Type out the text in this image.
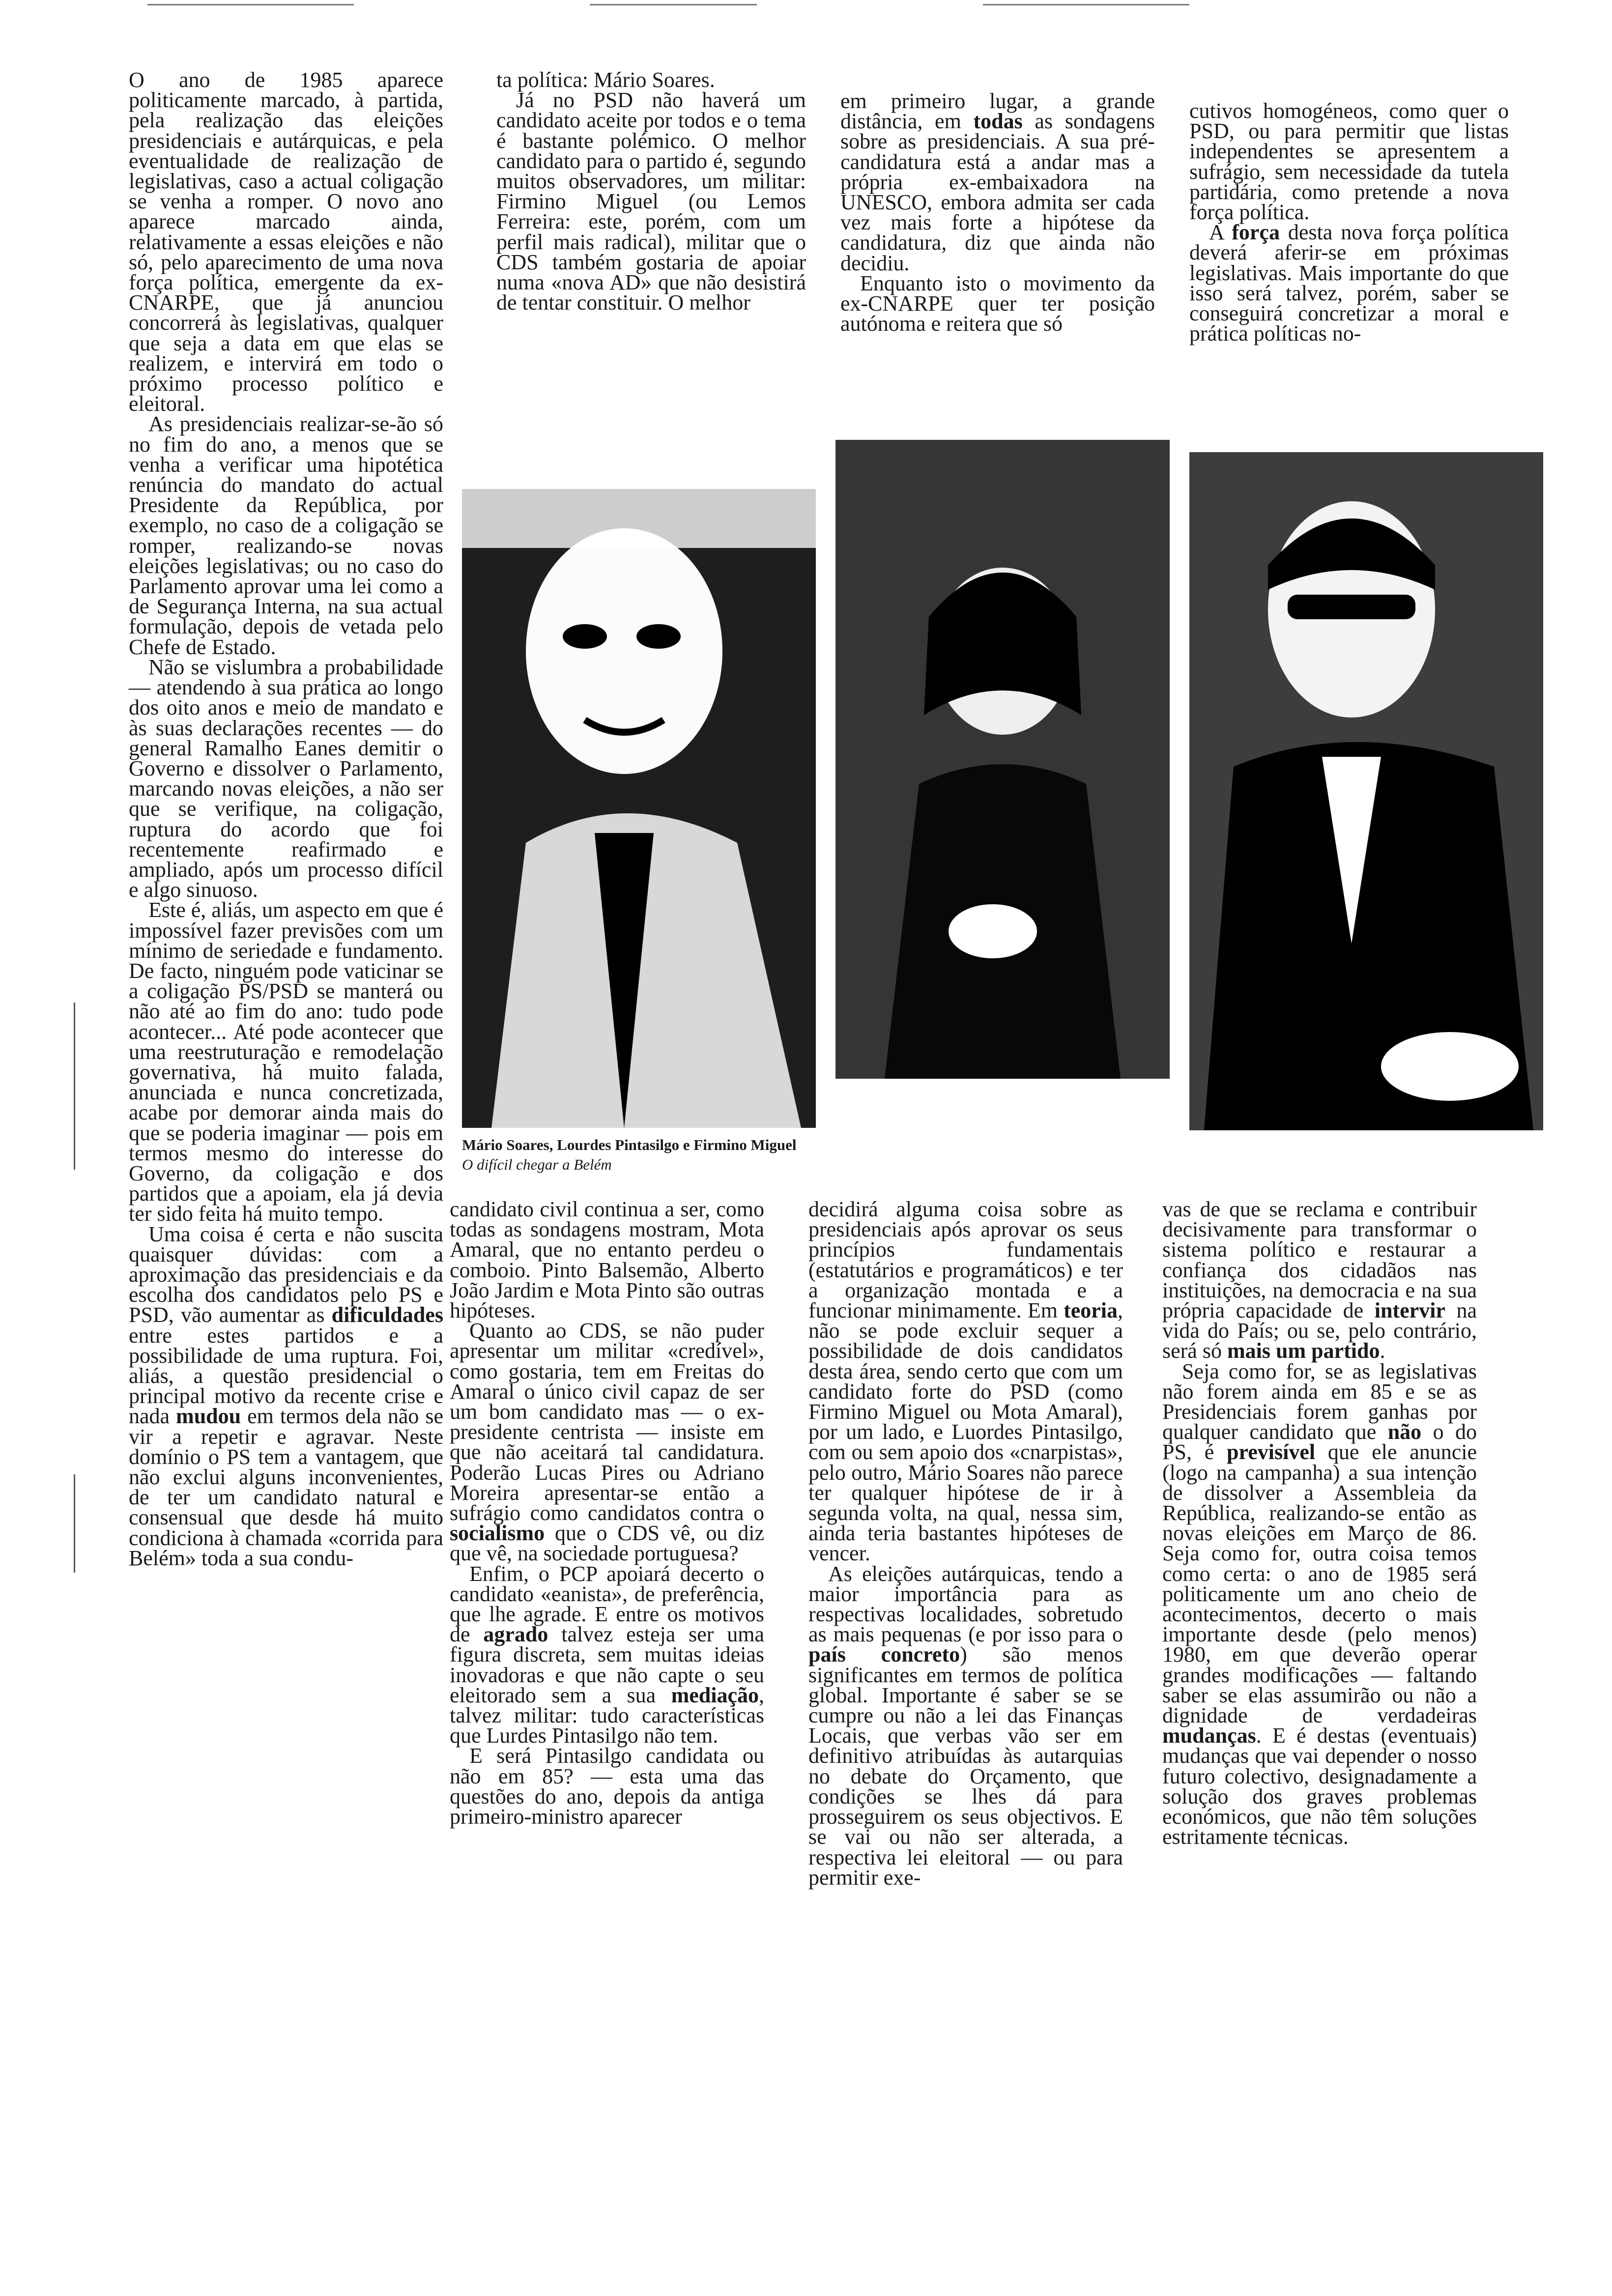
O ano de 1985 aparece politicamente marcado, à partida, pela realização das eleições presidenciais e autárquicas, e pela eventualidade de realização de legislativas, caso a actual coligação se venha a romper. O novo ano aparece marcado ainda, relativamente a essas eleições e não só, pelo aparecimento de uma nova força política, emergente da ex-CNARPE, que já anunciou concorrerá às legislativas, qualquer que seja a data em que elas se realizem, e intervirá em todo o próximo processo político e eleitoral.

As presidenciais realizar-se-ão só no fim do ano, a menos que se venha a verificar uma hipotética renúncia do mandato do actual Presidente da República, por exemplo, no caso de a coligação se romper, realizando-se novas eleições legislativas; ou no caso do Parlamento aprovar uma lei como a de Segurança Interna, na sua actual formulação, depois de vetada pelo Chefe de Estado.

Não se vislumbra a probabilidade — atendendo à sua prática ao longo dos oito anos e meio de mandato e às suas declarações recentes — do general Ramalho Eanes demitir o Governo e dissolver o Parlamento, marcando novas eleições, a não ser que se verifique, na coligação, ruptura do acordo que foi recentemente reafirmado e ampliado, após um processo difícil e algo sinuoso.

Este é, aliás, um aspecto em que é impossível fazer previsões com um mínimo de seriedade e fundamento. De facto, ninguém pode vaticinar se a coligação PS/PSD se manterá ou não até ao fim do ano: tudo pode acontecer... Até pode acontecer que uma reestruturação e remodelação governativa, há muito falada, anunciada e nunca concretizada, acabe por demorar ainda mais do que se poderia imaginar — pois em termos mesmo do interesse do Governo, da coligação e dos partidos que a apoiam, ela já devia ter sido feita há muito tempo.

Uma coisa é certa e não suscita quaisquer dúvidas: com a aproximação das presidenciais e da escolha dos candidatos pelo PS e PSD, vão aumentar as dificuldades entre estes partidos e a possibilidade de uma ruptura. Foi, aliás, a questão presidencial o principal motivo da recente crise e nada mudou em termos dela não se vir a repetir e agravar. Neste domínio o PS tem a vantagem, que não exclui alguns inconvenientes, de ter um candidato natural e consensual que desde há muito condiciona à chamada «corrida para Belém» toda a sua condu-

ta política: Mário Soares.

Já no PSD não haverá um candidato aceite por todos e o tema é bastante polémico. O melhor candidato para o partido é, segundo muitos observadores, um militar: Firmino Miguel (ou Lemos Ferreira: este, porém, com um perfil mais radical), militar que o CDS também gostaria de apoiar numa «nova AD» que não desistirá de tentar constituir. O melhor

em primeiro lugar, a grande distância, em todas as sondagens sobre as presidenciais. A sua pré-candidatura está a andar mas a própria ex-embaixadora na UNESCO, embora admita ser cada vez mais forte a hipótese da candidatura, diz que ainda não decidiu.

Enquanto isto o movimento da ex-CNARPE quer ter posição autónoma e reitera que só

cutivos homogéneos, como quer o PSD, ou para permitir que listas independentes se apresentem a sufrágio, sem necessidade da tutela partidária, como pretende a nova força política.

A força desta nova força política deverá aferir-se em próximas legislativas. Mais importante do que isso será talvez, porém, saber se conseguirá concretizar a moral e prática políticas no-

Mário Soares, Lourdes Pintasilgo e Firmino Miguel
O difícil chegar a Belém

candidato civil continua a ser, como todas as sondagens mostram, Mota Amaral, que no entanto perdeu o comboio. Pinto Balsemão, Alberto João Jardim e Mota Pinto são outras hipóteses.

Quanto ao CDS, se não puder apresentar um militar «credível», como gostaria, tem em Freitas do Amaral o único civil capaz de ser um bom candidato mas — o ex-presidente centrista — insiste em que não aceitará tal candidatura. Poderão Lucas Pires ou Adriano Moreira apresentar-se então a sufrágio como candidatos contra o socialismo que o CDS vê, ou diz que vê, na sociedade portuguesa?

Enfim, o PCP apoiará decerto o candidato «eanista», de preferência, que lhe agrade. E entre os motivos de agrado talvez esteja ser uma figura discreta, sem muitas ideias inovadoras e que não capte o seu eleitorado sem a sua mediação, talvez militar: tudo características que Lurdes Pintasilgo não tem.

E será Pintasilgo candidata ou não em 85? — esta uma das questões do ano, depois da antiga primeiro-ministro aparecer

decidirá alguma coisa sobre as presidenciais após aprovar os seus princípios fundamentais (estatutários e programáticos) e ter a organização montada e a funcionar minimamente. Em teoria, não se pode excluir sequer a possibilidade de dois candidatos desta área, sendo certo que com um candidato forte do PSD (como Firmino Miguel ou Mota Amaral), por um lado, e Luordes Pintasilgo, com ou sem apoio dos «cnarpistas», pelo outro, Mário Soares não parece ter qualquer hipótese de ir à segunda volta, na qual, nessa sim, ainda teria bastantes hipóteses de vencer.

As eleições autárquicas, tendo a maior importância para as respectivas localidades, sobretudo as mais pequenas (e por isso para o país concreto) são menos significantes em termos de política global. Importante é saber se se cumpre ou não a lei das Finanças Locais, que verbas vão ser em definitivo atribuídas às autarquias no debate do Orçamento, que condições se lhes dá para prosseguirem os seus objectivos. E se vai ou não ser alterada, a respectiva lei eleitoral — ou para permitir exe-

vas de que se reclama e contribuir decisivamente para transformar o sistema político e restaurar a confiança dos cidadãos nas instituições, na democracia e na sua própria capacidade de intervir na vida do País; ou se, pelo contrário, será só mais um partido.

Seja como for, se as legislativas não forem ainda em 85 e se as Presidenciais forem ganhas por qualquer candidato que não o do PS, é previsível que ele anuncie (logo na campanha) a sua intenção de dissolver a Assembleia da República, realizando-se então as novas eleições em Março de 86. Seja como for, outra coisa temos como certa: o ano de 1985 será politicamente um ano cheio de acontecimentos, decerto o mais importante desde (pelo menos) 1980, em que deverão operar grandes modificações — faltando saber se elas assumirão ou não a dignidade de verdadeiras mudanças. E é destas (eventuais) mudanças que vai depender o nosso futuro colectivo, designadamente a solução dos graves problemas económicos, que não têm soluções estritamente técnicas.
